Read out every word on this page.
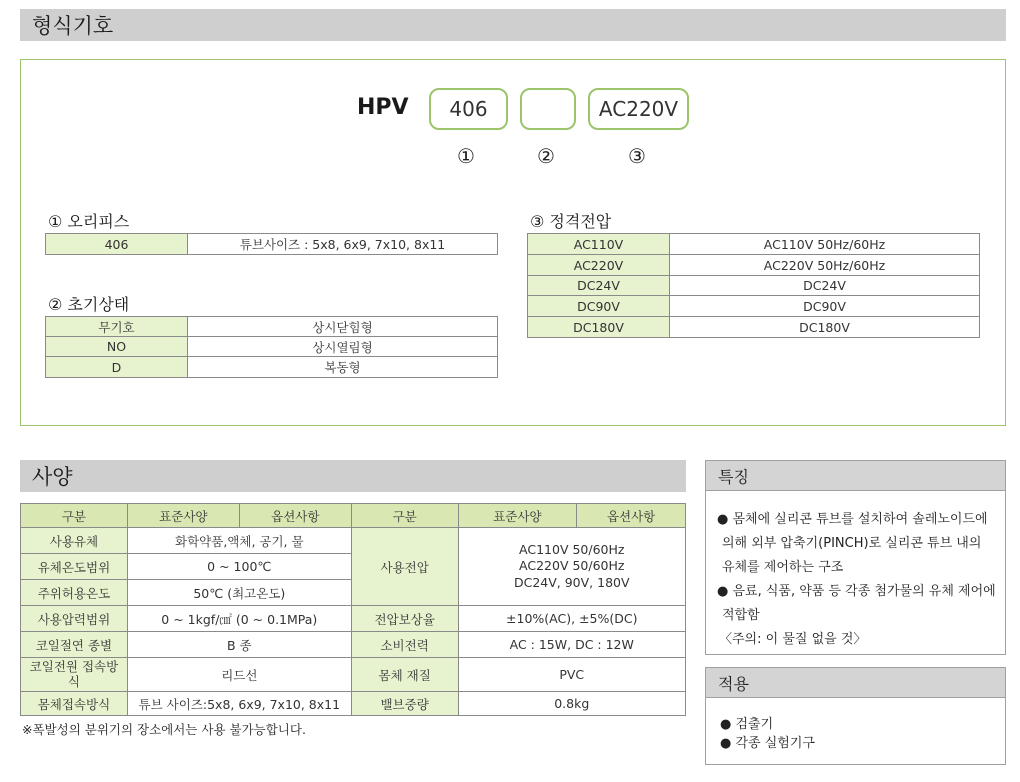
형식기호
HPV	406	AC220V
①	②	③
① 오리피스
406	튜브사이즈 : 5x8, 6x9, 7x10, 8x11
② 초기상태
무기호	상시닫힘형
NO	상시열림형
D	복동형
③ 정격전압
AC110V	AC110V 50Hz/60Hz
AC220V	AC220V 50Hz/60Hz
DC24V	DC24V
DC90V	DC90V
DC180V	DC180V
사양
구분	표준사양	옵션사항	구분	표준사양	옵션사항
사용유체	화학약품,액체, 공기, 물		사용전압	AC110V 50/60Hz
AC220V 50/60Hz
DC24V, 90V, 180V	

유체온도범위	0 ~ 100℃				
주위허용온도	50℃ (최고온도)				
사용압력범위	0 ~ 1kgf/㎠ (0 ~ 0.1MPa)		전압보상율	±10%(AC), ±5%(DC)	
코일절연 종별	B 종		소비전력	AC : 15W, DC : 12W	
코일전원 접속방식	리드선		몸체 재질	PVC	
몸체접속방식	튜브 사이즈:5x8, 6x9, 7x10, 8x11		밸브중량	0.8kg	
※폭발성의 분위기의 장소에서는 사용 불가능합니다.
특징
● 몸체에 실리콘 튜브를 설치하여 솔레노이드에
의해 외부 압축기(PINCH)로 실리콘 튜브 내의
유체를 제어하는 구조
● 음료, 식품, 약품 등 각종 첨가물의 유체 제어에
적합함
〈주의: 이 물질 없을 것〉
적용
● 검출기
● 각종 실험기구
